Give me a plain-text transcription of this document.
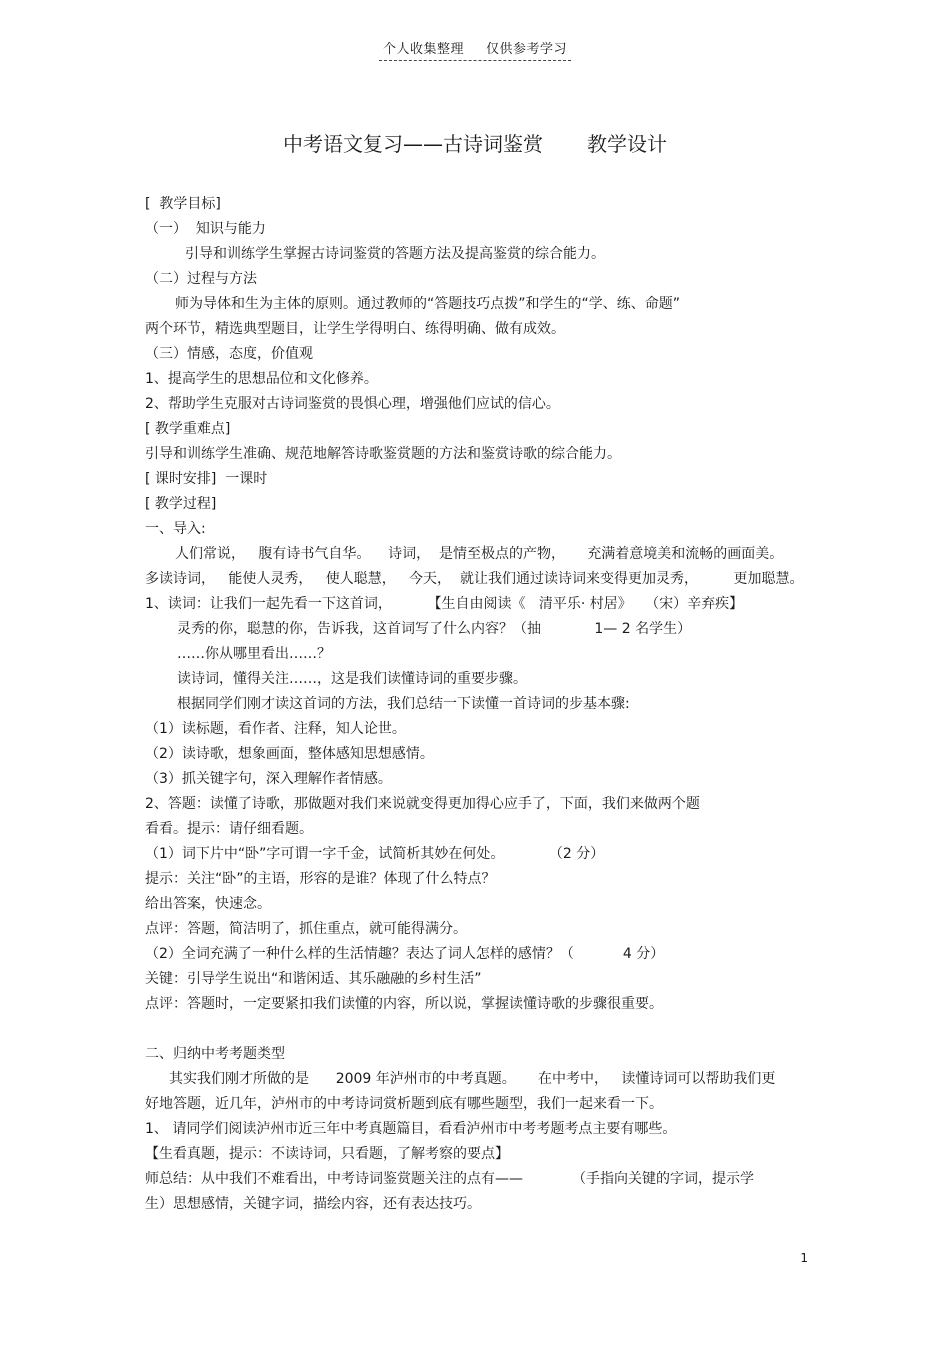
个人收集整理 仅供参考学习
中考语文复习——古诗词鉴赏 教学设计
[  教学目标]
（一）  知识与能力
引导和训练学生掌握古诗词鉴赏的答题方法及提高鉴赏的综合能力。
（二）过程与方法
师为导体和生为主体的原则。通过教师的“答题技巧点拨”和学生的“学、练、命题”
两个环节，精选典型题目，让学生学得明白、练得明确、做有成效。
（三）情感，态度，价值观
1、提高学生的思想品位和文化修养。
2、帮助学生克服对古诗词鉴赏的畏惧心理，增强他们应试的信心。
[ 教学重难点]
引导和训练学生准确、规范地解答诗歌鉴赏题的方法和鉴赏诗歌的综合能力。
[ 课时安排]  一课时
[ 教学过程]
一、导入:
人们常说，   腹有诗书气自华。    诗词，  是情至极点的产物，     充满着意境美和流畅的画面美。
多读诗词，   能使人灵秀，   使人聪慧，   今天，  就让我们通过读诗词来变得更加灵秀，        更加聪慧。
1、读词：让我们一起先看一下这首词，        【生自由阅读《   清平乐· 村居》   （宋）辛弃疾】
灵秀的你，聪慧的你，告诉我，这首词写了什么内容？（抽            1— 2 名学生）
……你从哪里看出……？
读诗词，懂得关注……，这是我们读懂诗词的重要步骤。
根据同学们刚才读这首词的方法，我们总结一下读懂一首诗词的步基本骤:
（1）读标题，看作者、注释，知人论世。
（2）读诗歌，想象画面，整体感知思想感情。
（3）抓关键字句，深入理解作者情感。
2、答题：读懂了诗歌，那做题对我们来说就变得更加得心应手了，下面，我们来做两个题
看看。提示：请仔细看题。
（1）词下片中“卧”字可谓一字千金，试简析其妙在何处。          （2 分）
提示：关注“卧”的主语，形容的是谁？体现了什么特点？
给出答案，快速念。
点评：答题，简洁明了，抓住重点，就可能得满分。
（2）全词充满了一种什么样的生活情趣？表达了词人怎样的感情？（           4 分）
关键：引导学生说出“和谐闲适、其乐融融的乡村生活”
点评：答题时，一定要紧扣我们读懂的内容，所以说，掌握读懂诗歌的步骤很重要。
二、归纳中考考题类型
其实我们刚才所做的是      2009 年泸州市的中考真题。     在中考中，   读懂诗词可以帮助我们更
好地答题，近几年，泸州市的中考诗词赏析题到底有哪些题型，我们一起来看一下。
1、 请同学们阅读泸州市近三年中考真题篇目，看看泸州市中考考题考点主要有哪些。
【生看真题，提示：不读诗词，只看题，了解考察的要点】
师总结：从中我们不难看出，中考诗词鉴赏题关注的点有——           （手指向关键的字词，提示学
生）思想感情，关键字词，描绘内容，还有表达技巧。
1
